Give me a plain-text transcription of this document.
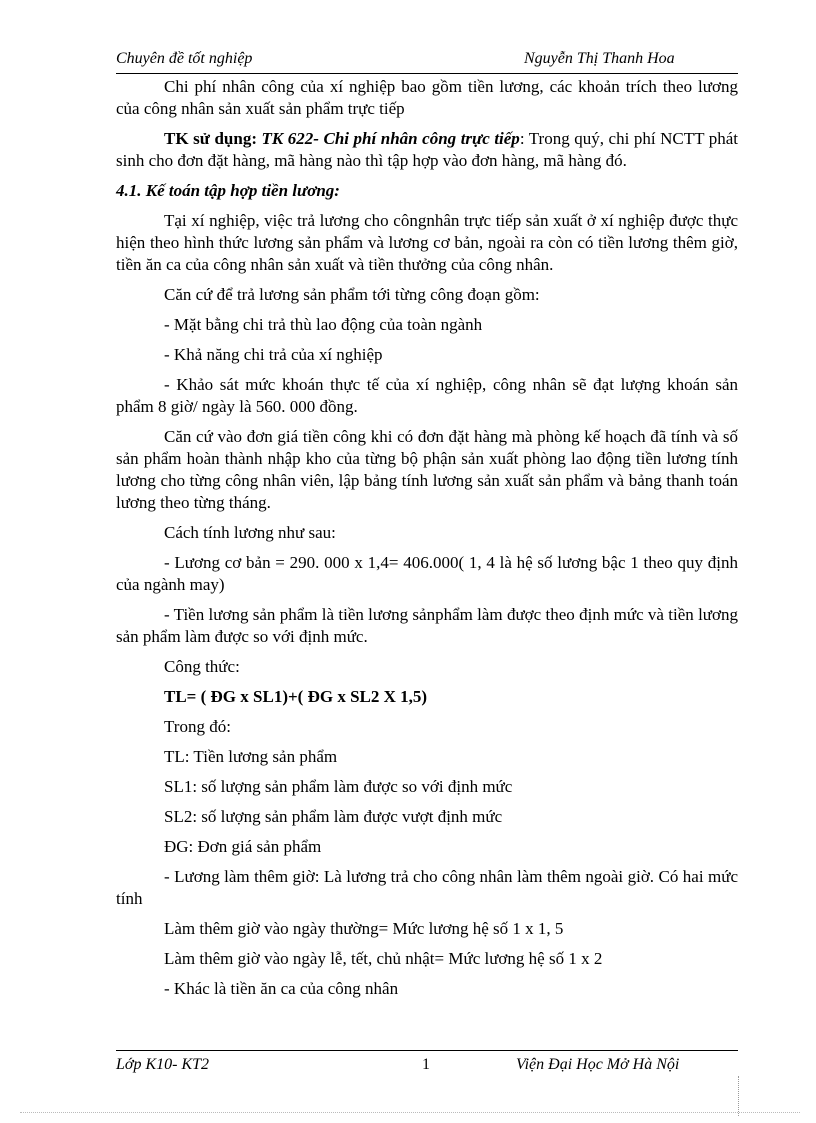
Chuyên đề tốt nghiệp	Nguyễn Thị Thanh Hoa

Chi phí nhân công của xí nghiệp bao gồm tiền lương, các khoản trích theo lương của công nhân sản xuất sản phẩm trực tiếp

TK sử dụng: TK 622- Chi phí nhân công trực tiếp: Trong quý, chi phí NCTT phát sinh cho đơn đặt hàng, mã hàng nào thì tập hợp vào đơn hàng, mã hàng đó.

4.1. Kế toán tập hợp tiền lương:

Tại xí nghiệp, việc trả lương cho côngnhân trực tiếp sản xuất ở xí nghiệp được thực hiện theo hình thức lương sản phẩm và lương cơ bản, ngoài ra còn có tiền lương thêm giờ, tiền ăn ca của công nhân sản xuất và tiền thưởng của công nhân.

Căn cứ để trả lương sản phẩm tới từng công đoạn gồm:

- Mặt bằng chi trả thù lao động của toàn ngành

- Khả năng chi trả của xí nghiệp

- Khảo sát mức khoán thực tế của xí nghiệp, công nhân sẽ đạt lượng khoán sản phẩm 8 giờ/ ngày là 560. 000 đồng.

Căn cứ vào đơn giá tiền công khi có đơn đặt hàng mà phòng kế hoạch đã tính và số sản phẩm hoàn thành nhập kho của từng bộ phận sản xuất phòng lao động tiền lương tính lương cho từng công nhân viên, lập bảng tính lương sản xuất sản phẩm và bảng thanh toán lương theo từng tháng.

Cách tính lương như sau:

- Lương cơ bản = 290. 000 x 1,4= 406.000( 1, 4 là hệ số lương bậc 1 theo quy định của ngành may)

- Tiền lương sản phẩm là tiền lương sảnphẩm làm được theo định mức và tiền lương sản phẩm làm được so với định mức.

Công thức:

TL= ( ĐG x SL1)+( ĐG x SL2 X 1,5)

Trong đó:

TL: Tiền lương sản phẩm

SL1: số lượng sản phẩm làm được so với định mức

SL2: số lượng sản phẩm làm được vượt định mức

ĐG: Đơn giá sản phẩm

- Lương làm thêm giờ: Là lương trả cho công nhân làm thêm ngoài giờ. Có hai mức tính

Làm thêm giờ vào ngày thường= Mức lương hệ số 1 x 1, 5

Làm thêm giờ vào ngày lễ, tết, chủ nhật= Mức lương hệ số 1 x 2

- Khác là tiền ăn ca của công nhân

Lớp K10- KT2	1	Viện Đại Học Mở Hà Nội
